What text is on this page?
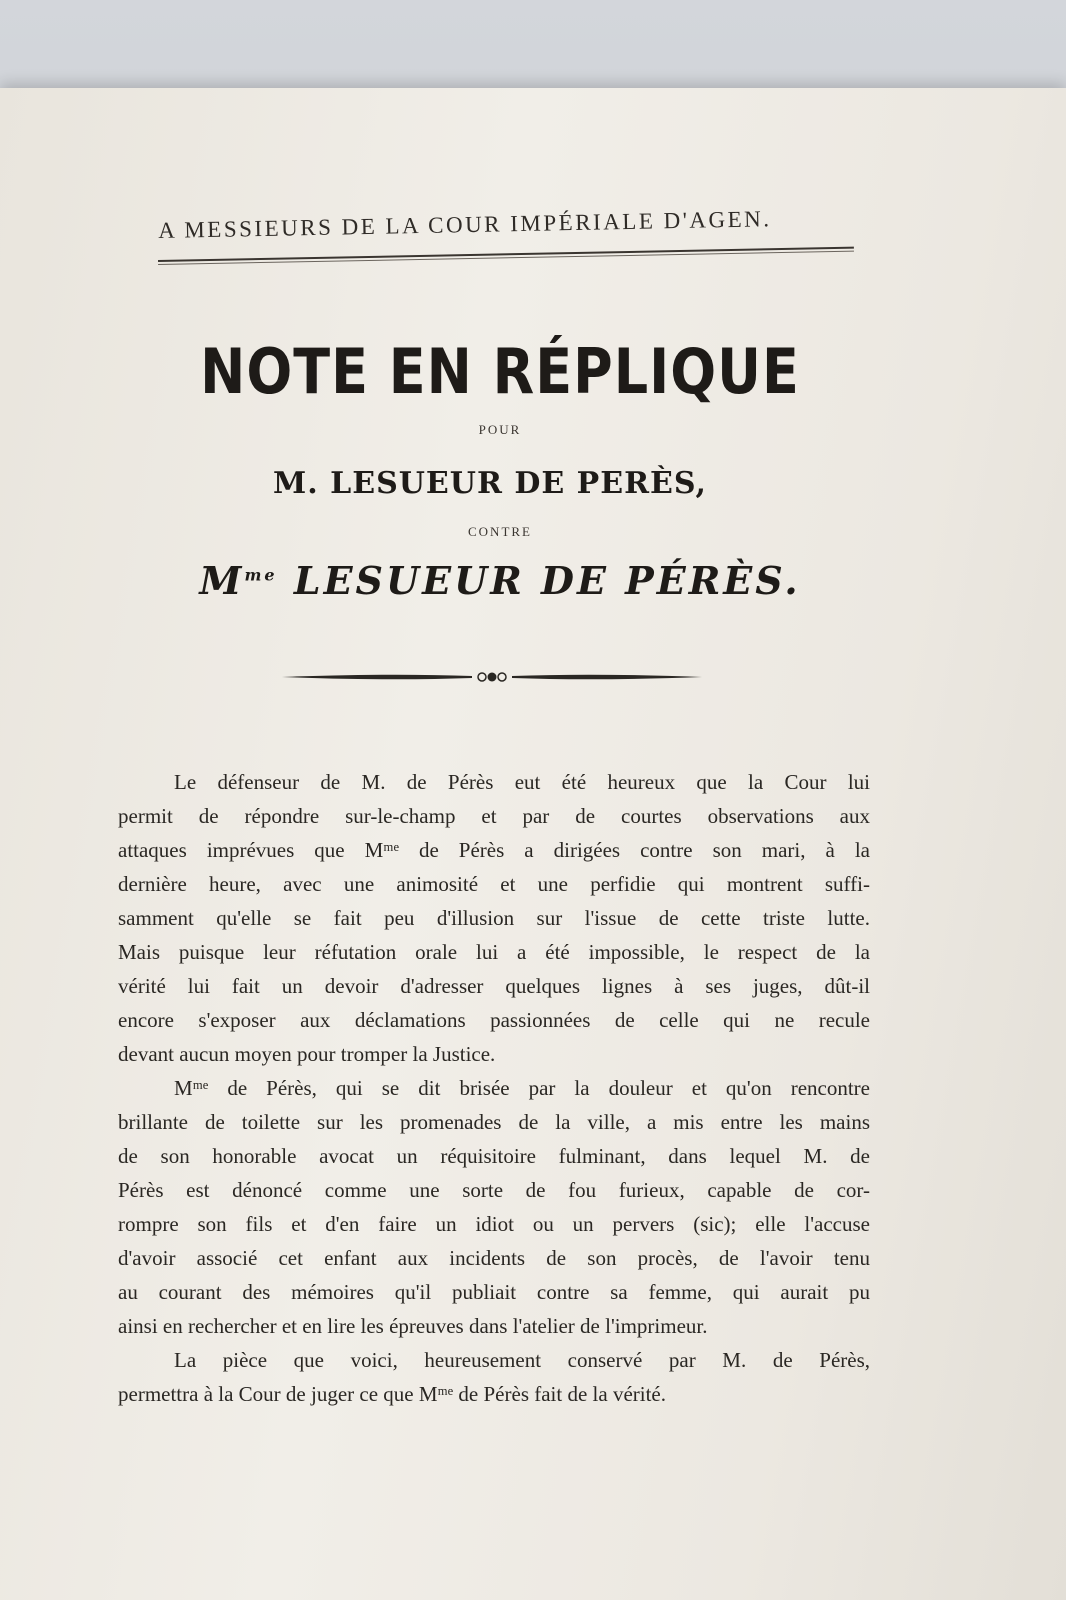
A MESSIEURS DE LA COUR IMPÉRIALE D'AGEN.
NOTE EN RÉPLIQUE
POUR
M. LESUEUR DE PERÈS,
CONTRE
$M^{me}$ LESUEUR DE PÉRÈS.

Le défenseur de M. de Pérès eut été heureux que la Cour lui
permit de répondre sur-le-champ et par de courtes observations aux
attaques imprévues que Mᵐᵉ de Pérès a dirigées contre son mari, à la
dernière heure, avec une animosité et une perfidie qui montrent suffi-
samment qu'elle se fait peu d'illusion sur l'issue de cette triste lutte.
Mais puisque leur réfutation orale lui a été impossible, le respect de la
vérité lui fait un devoir d'adresser quelques lignes à ses juges, dût-il
encore s'exposer aux déclamations passionnées de celle qui ne recule
devant aucun moyen pour tromper la Justice.

Mᵐᵉ de Pérès, qui se dit brisée par la douleur et qu'on rencontre
brillante de toilette sur les promenades de la ville, a mis entre les mains
de son honorable avocat un réquisitoire fulminant, dans lequel M. de
Pérès est dénoncé comme une sorte de fou furieux, capable de cor-
rompre son fils et d'en faire un idiot ou un pervers (sic); elle l'accuse
d'avoir associé cet enfant aux incidents de son procès, de l'avoir tenu
au courant des mémoires qu'il publiait contre sa femme, qui aurait pu
ainsi en rechercher et en lire les épreuves dans l'atelier de l'imprimeur.

La pièce que voici, heureusement conservé par M. de Pérès,
permettra à la Cour de juger ce que Mᵐᵉ de Pérès fait de la vérité.
